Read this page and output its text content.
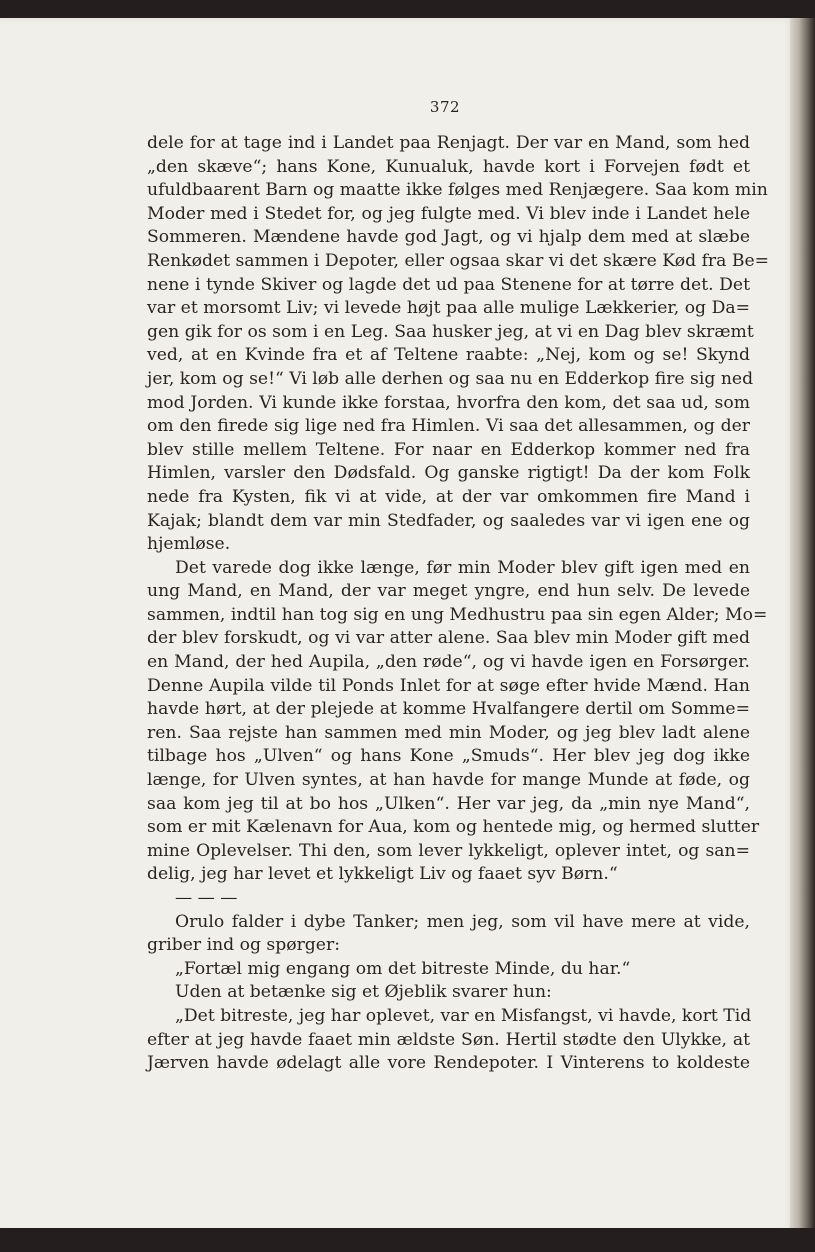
372
dele for at tage ind i Landet paa Renjagt. Der var en Mand, som hed
„den skæve“; hans Kone, Kunualuk, havde kort i Forvejen født et
ufuldbaarent Barn og maatte ikke følges med Renjægere. Saa kom min
Moder med i Stedet for, og jeg fulgte med. Vi blev inde i Landet hele
Sommeren. Mændene havde god Jagt, og vi hjalp dem med at slæbe
Renkødet sammen i Depoter, eller ogsaa skar vi det skære Kød fra Be=
nene i tynde Skiver og lagde det ud paa Stenene for at tørre det. Det
var et morsomt Liv; vi levede højt paa alle mulige Lækkerier, og Da=
gen gik for os som i en Leg. Saa husker jeg, at vi en Dag blev skræmt
ved, at en Kvinde fra et af Teltene raabte: „Nej, kom og se! Skynd
jer, kom og se!“ Vi løb alle derhen og saa nu en Edderkop fire sig ned
mod Jorden. Vi kunde ikke forstaa, hvorfra den kom, det saa ud, som
om den firede sig lige ned fra Himlen. Vi saa det allesammen, og der
blev stille mellem Teltene. For naar en Edderkop kommer ned fra
Himlen, varsler den Dødsfald. Og ganske rigtigt! Da der kom Folk
nede fra Kysten, fik vi at vide, at der var omkommen fire Mand i
Kajak; blandt dem var min Stedfader, og saaledes var vi igen ene og
hjemløse.
Det varede dog ikke længe, før min Moder blev gift igen med en
ung Mand, en Mand, der var meget yngre, end hun selv. De levede
sammen, indtil han tog sig en ung Medhustru paa sin egen Alder; Mo=
der blev forskudt, og vi var atter alene. Saa blev min Moder gift med
en Mand, der hed Aupila, „den røde“, og vi havde igen en Forsørger.
Denne Aupila vilde til Ponds Inlet for at søge efter hvide Mænd. Han
havde hørt, at der plejede at komme Hvalfangere dertil om Somme=
ren. Saa rejste han sammen med min Moder, og jeg blev ladt alene
tilbage hos „Ulven“ og hans Kone „Smuds“. Her blev jeg dog ikke
længe, for Ulven syntes, at han havde for mange Munde at føde, og
saa kom jeg til at bo hos „Ulken“. Her var jeg, da „min nye Mand“,
som er mit Kælenavn for Aua, kom og hentede mig, og hermed slutter
mine Oplevelser. Thi den, som lever lykkeligt, oplever intet, og san=
delig, jeg har levet et lykkeligt Liv og faaet syv Børn.“
— — —
Orulo falder i dybe Tanker; men jeg, som vil have mere at vide,
griber ind og spørger:
„Fortæl mig engang om det bitreste Minde, du har.“
Uden at betænke sig et Øjeblik svarer hun:
„Det bitreste, jeg har oplevet, var en Misfangst, vi havde, kort Tid
efter at jeg havde faaet min ældste Søn. Hertil stødte den Ulykke, at
Jærven havde ødelagt alle vore Rendepoter. I Vinterens to koldeste
